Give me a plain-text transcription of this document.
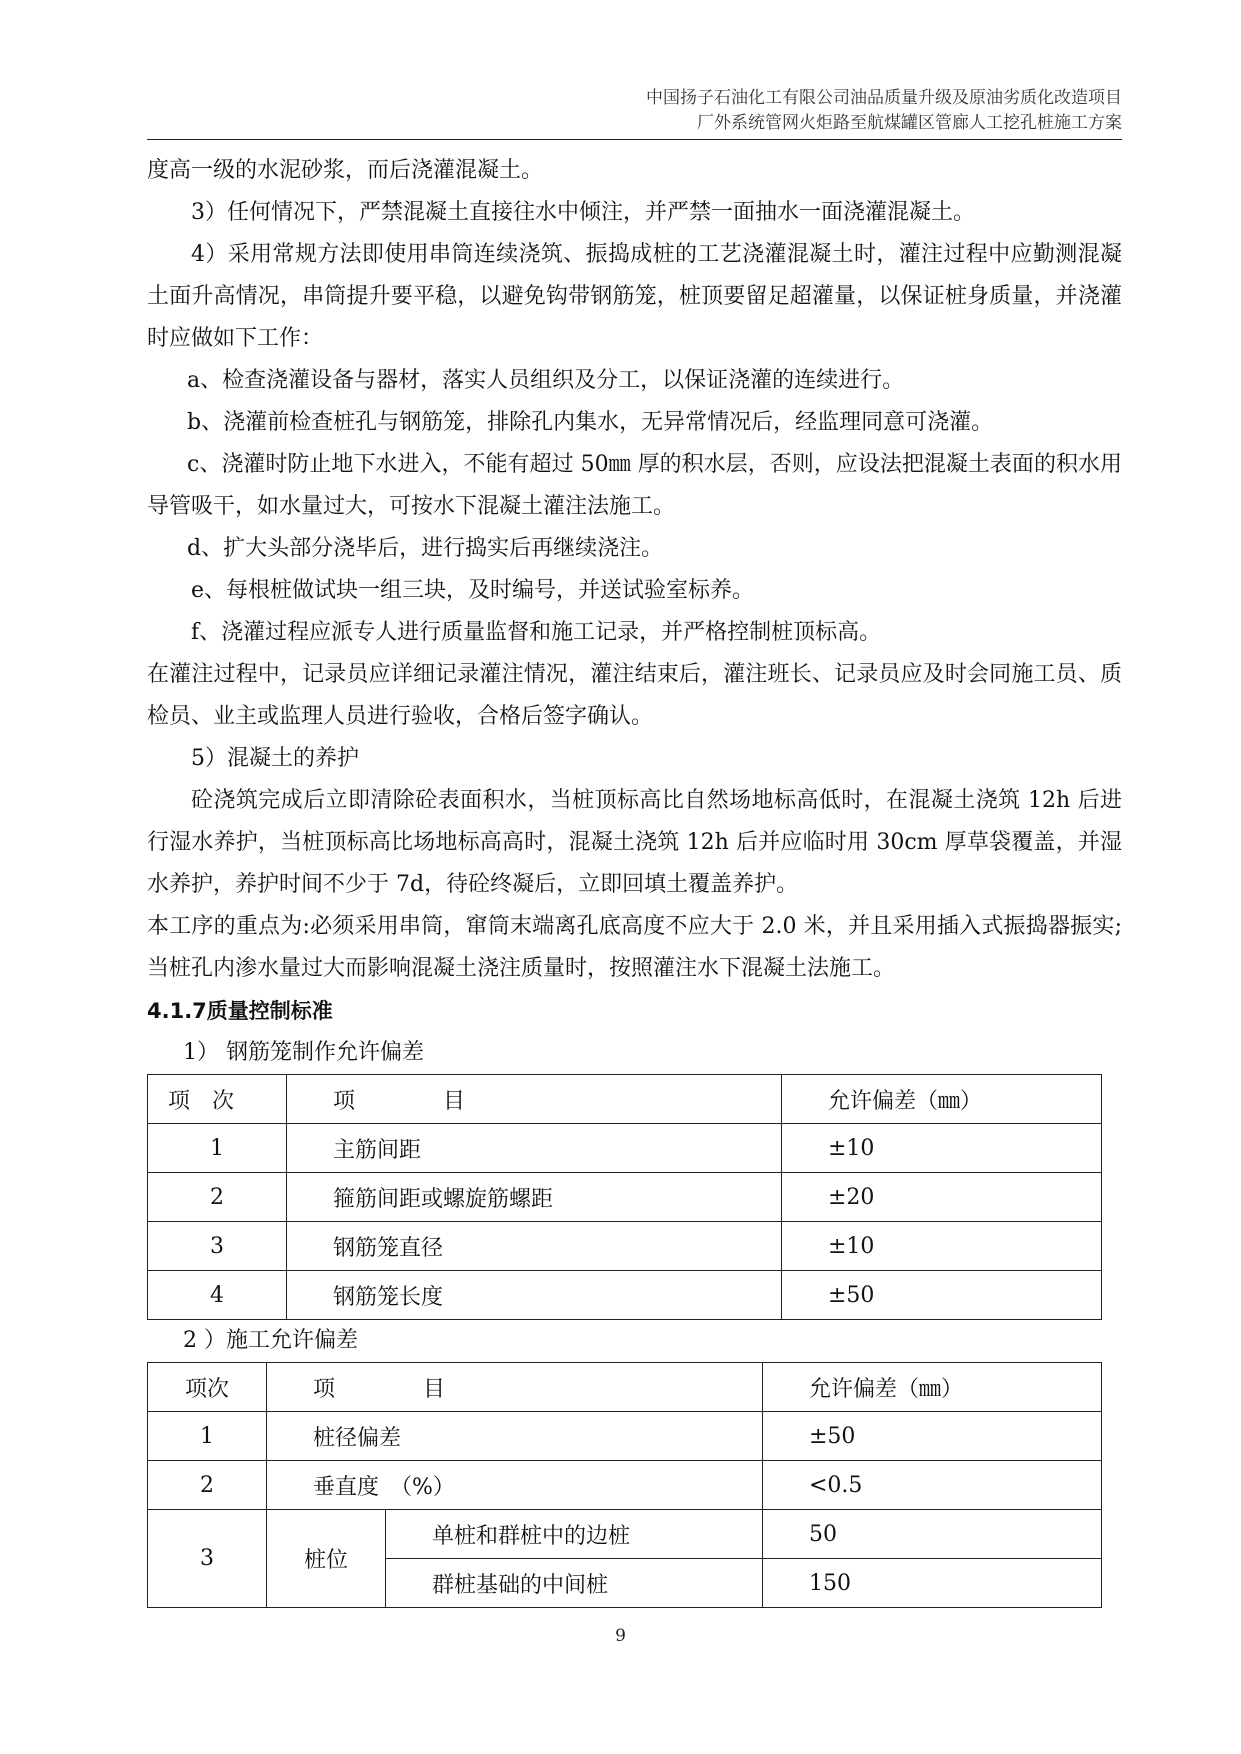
中国扬子石油化工有限公司油品质量升级及原油劣质化改造项目
厂外系统管网火炬路至航煤罐区管廊人工挖孔桩施工方案

度高一级的水泥砂浆，而后浇灌混凝土。

3）任何情况下，严禁混凝土直接往水中倾注，并严禁一面抽水一面浇灌混凝土。

4）采用常规方法即使用串筒连续浇筑、振捣成桩的工艺浇灌混凝土时，灌注过程中应勤测混凝土面升高情况，串筒提升要平稳，以避免钩带钢筋笼，桩顶要留足超灌量，以保证桩身质量，并浇灌时应做如下工作：

a、检查浇灌设备与器材，落实人员组织及分工，以保证浇灌的连续进行。

b、浇灌前检查桩孔与钢筋笼，排除孔内集水，无异常情况后，经监理同意可浇灌。

c、浇灌时防止地下水进入，不能有超过 50㎜ 厚的积水层，否则，应设法把混凝土表面的积水用导管吸干，如水量过大，可按水下混凝土灌注法施工。

d、扩大头部分浇毕后，进行捣实后再继续浇注。

e、每根桩做试块一组三块，及时编号，并送试验室标养。

f、浇灌过程应派专人进行质量监督和施工记录，并严格控制桩顶标高。

在灌注过程中，记录员应详细记录灌注情况，灌注结束后，灌注班长、记录员应及时会同施工员、质检员、业主或监理人员进行验收，合格后签字确认。

5）混凝土的养护

砼浇筑完成后立即清除砼表面积水，当桩顶标高比自然场地标高低时，在混凝土浇筑 12h 后进行湿水养护，当桩顶标高比场地标高高时，混凝土浇筑 12h 后并应临时用 30cm 厚草袋覆盖，并湿水养护，养护时间不少于 7d，待砼终凝后，立即回填土覆盖养护。

本工序的重点为:必须采用串筒，窜筒末端离孔底高度不应大于 2.0 米，并且采用插入式振捣器振实; 当桩孔内渗水量过大而影响混凝土浇注质量时，按照灌注水下混凝土法施工。

4.1.7质量控制标准

1） 钢筋笼制作允许偏差

项　次	项　　　　目	允许偏差（㎜）
1	主筋间距	±10
2	箍筋间距或螺旋筋螺距	±20
3	钢筋笼直径	±10
4	钢筋笼长度	±50

2 ）施工允许偏差

项次	项　　　　目		允许偏差（㎜）
1	桩径偏差		±50
2	垂直度　（%）		<0.5
3	桩位	单桩和群桩中的边桩	50
		群桩基础的中间桩	150
9
